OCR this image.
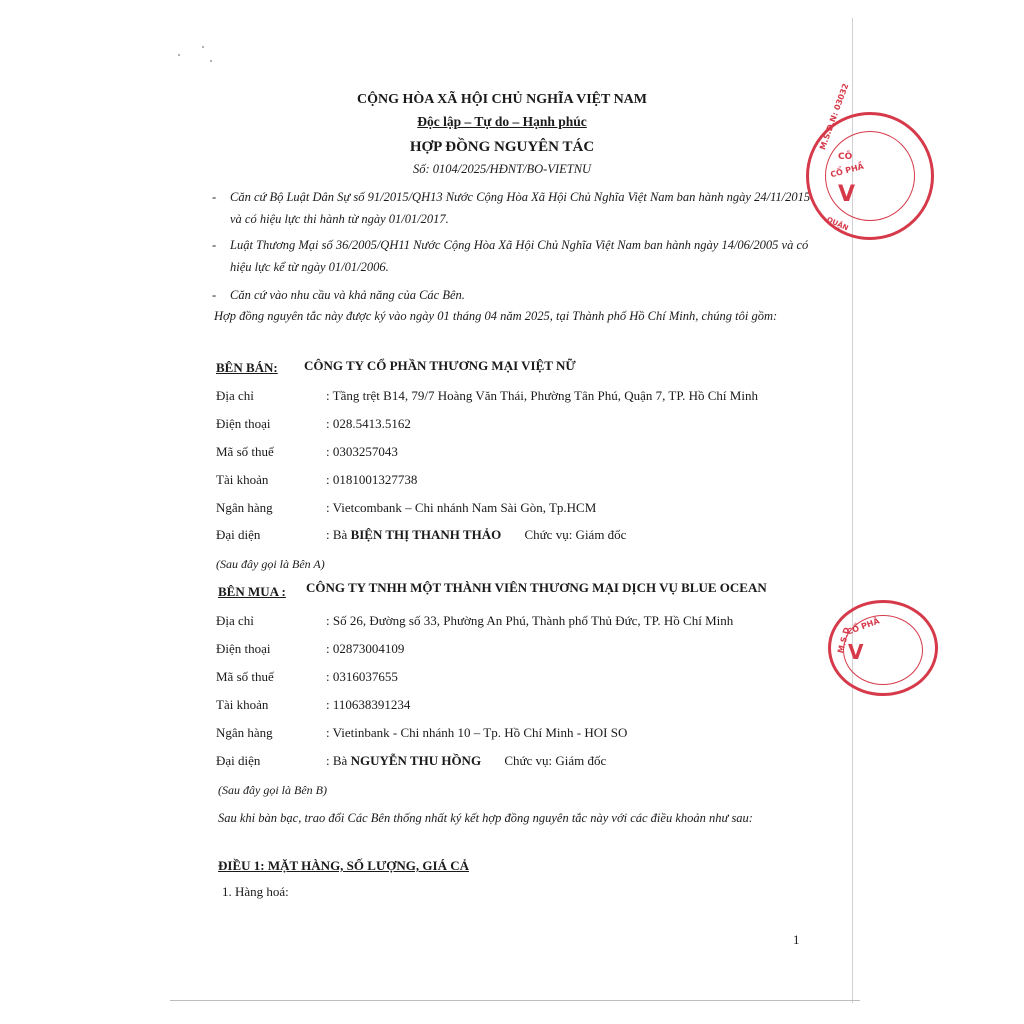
CỘNG HÒA XÃ HỘI CHỦ NGHĨA VIỆT NAM
Độc lập – Tự do – Hạnh phúc
HỢP ĐỒNG NGUYÊN TÁC
Số: 0104/2025/HĐNT/BO-VIETNU
- Căn cứ Bộ Luật Dân Sự số 91/2015/QH13 Nước Cộng Hòa Xã Hội Chủ Nghĩa Việt Nam ban hành ngày 24/11/2015 và có hiệu lực thi hành từ ngày 01/01/2017.
- Luật Thương Mại số 36/2005/QH11 Nước Cộng Hòa Xã Hội Chủ Nghĩa Việt Nam ban hành ngày 14/06/2005 và có hiệu lực kể từ ngày 01/01/2006.
- Căn cứ vào nhu cầu và khả năng của Các Bên.
Hợp đồng nguyên tắc này được ký vào ngày 01 tháng 04 năm 2025, tại Thành phố Hồ Chí Minh, chúng tôi gồm:
BÊN BÁN: CÔNG TY CỔ PHẦN THƯƠNG MẠI VIỆT NỮ
Địa chỉ	: Tầng trệt B14, 79/7 Hoàng Văn Thái, Phường Tân Phú, Quận 7, TP. Hồ Chí Minh
Điện thoại	: 028.5413.5162
Mã số thuế	: 0303257043
Tài khoản	: 0181001327738
Ngân hàng	: Vietcombank – Chi nhánh Nam Sài Gòn, Tp.HCM
Đại diện	: Bà BIỆN THỊ THANH THẢO Chức vụ: Giám đốc
(Sau đây gọi là Bên A)
BÊN MUA : CÔNG TY TNHH MỘT THÀNH VIÊN THƯƠNG MẠI DỊCH VỤ BLUE OCEAN
Địa chỉ	: Số 26, Đường số 33, Phường An Phú, Thành phố Thủ Đức, TP. Hồ Chí Minh
Điện thoại	: 02873004109
Mã số thuế	: 0316037655
Tài khoản	: 110638391234
Ngân hàng	: Vietinbank - Chi nhánh 10 – Tp. Hồ Chí Minh - HOI SO
Đại diện	: Bà NGUYỄN THU HỒNG Chức vụ: Giám đốc
(Sau đây gọi là Bên B)
Sau khi bàn bạc, trao đổi Các Bên thống nhất ký kết hợp đồng nguyên tắc này với các điều khoản như sau:
ĐIỀU 1: MẶT HÀNG, SỐ LƯỢNG, GIÁ CẢ
1. Hàng hoá:
1
M.S.D.N: 03032
CÔ
CỔ PHẦ
V
QUẬN
M.S.D
CỔ PHẦ
V
